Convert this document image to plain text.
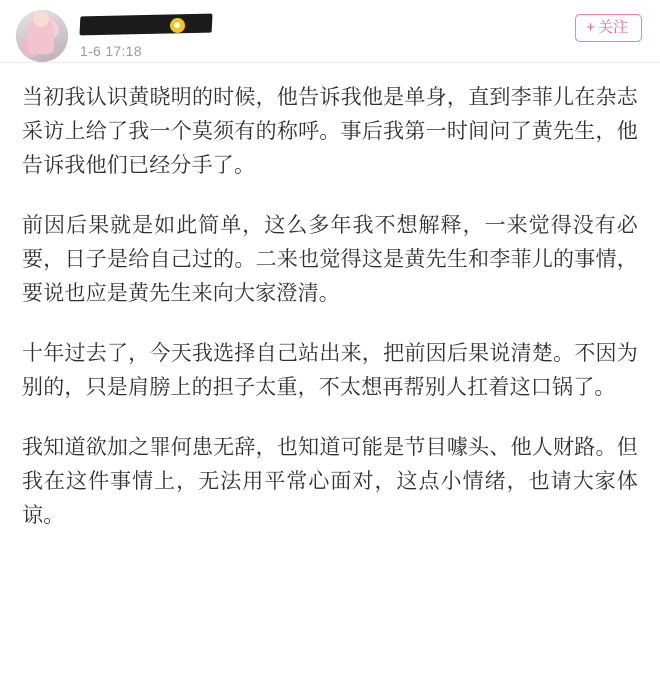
1-6 17:18
+ 关注

当初我认识黄晓明的时候，他告诉我他是单身，直到李菲儿在杂志采访上给了我一个莫须有的称呼。事后我第一时间问了黄先生，他告诉我他们已经分手了。

前因后果就是如此简单，这么多年我不想解释，一来觉得没有必要，日子是给自己过的。二来也觉得这是黄先生和李菲儿的事情，要说也应是黄先生来向大家澄清。

十年过去了，今天我选择自己站出来，把前因后果说清楚。不因为别的，只是肩膀上的担子太重，不太想再帮别人扛着这口锅了。

我知道欲加之罪何患无辞，也知道可能是节目噱头、他人财路。但我在这件事情上，无法用平常心面对，这点小情绪，也请大家体谅。
